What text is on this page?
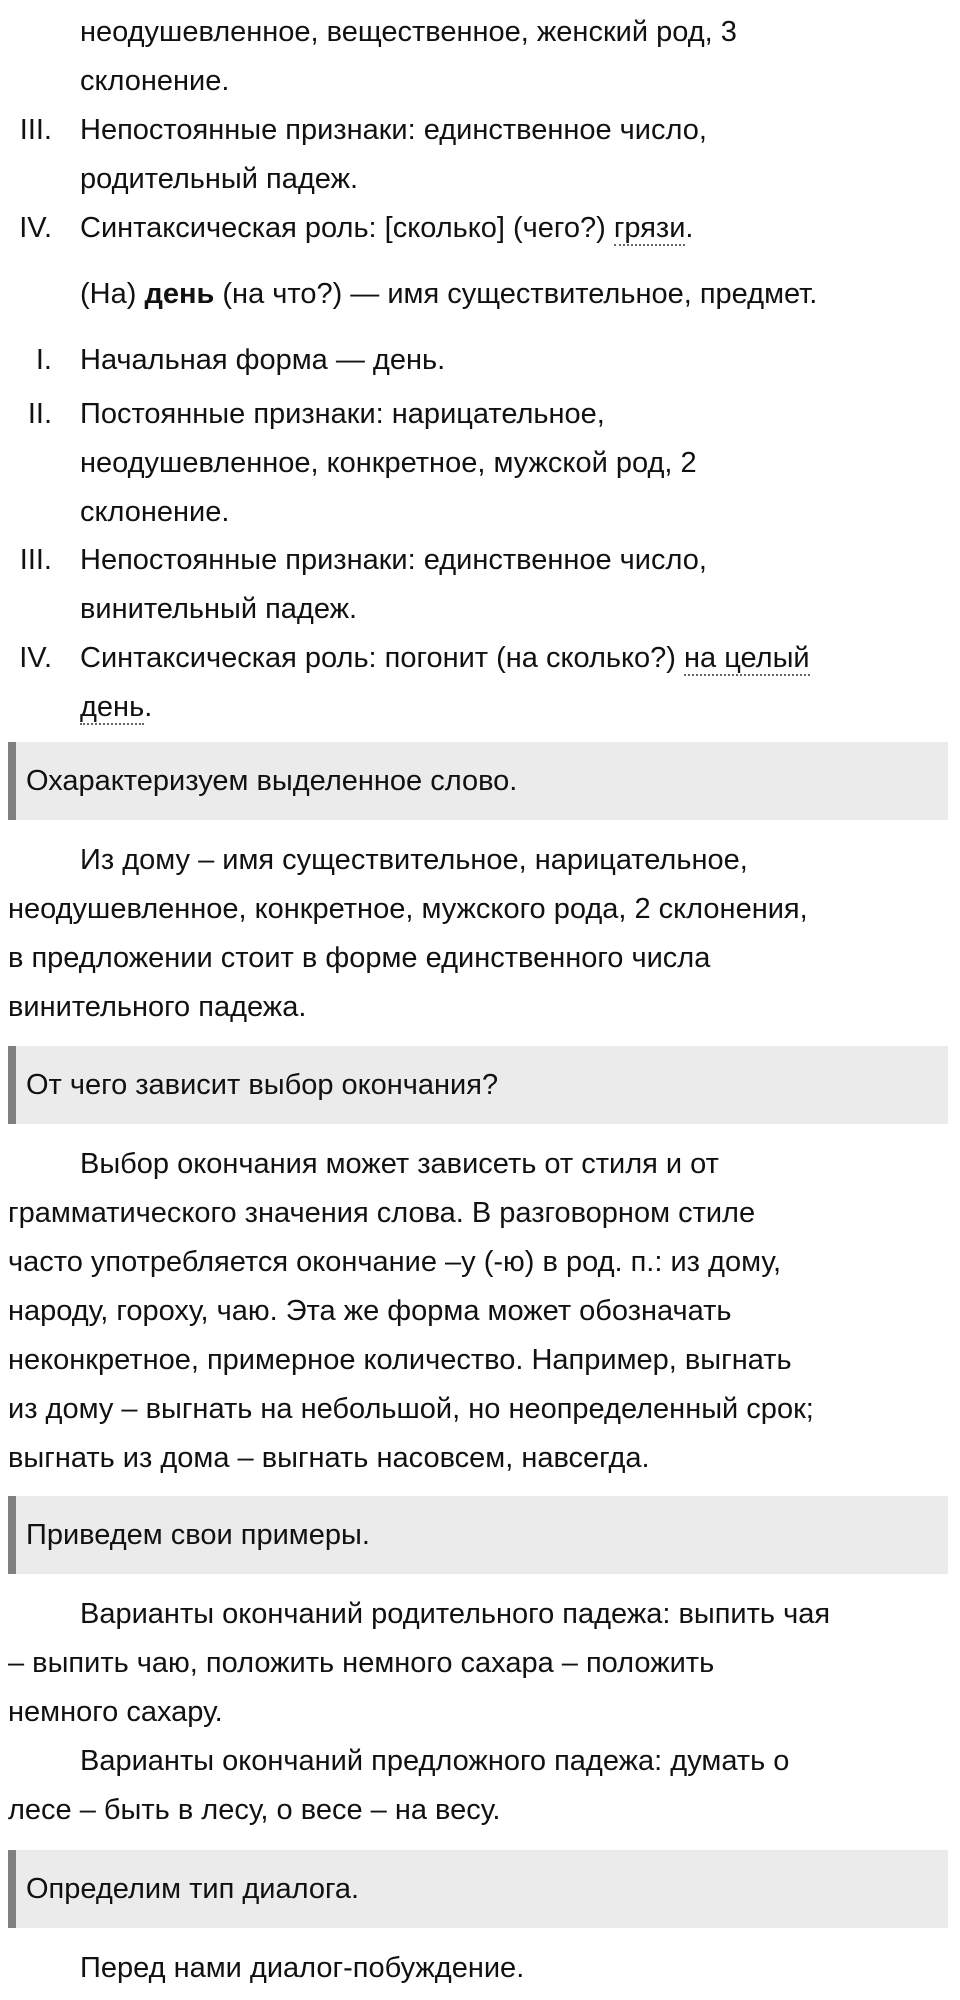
неодушевленное, вещественное, женский род, 3
склонение.
III. Непостоянные признаки: единственное число,
родительный падеж.
IV. Синтаксическая роль: [сколько] (чего?) грязи.
(На) день (на что?) — имя существительное, предмет.
I. Начальная форма — день.
II. Постоянные признаки: нарицательное,
неодушевленное, конкретное, мужской род, 2
склонение.
III. Непостоянные признаки: единственное число,
винительный падеж.
IV. Синтаксическая роль: погонит (на сколько?) на целый
день.
Охарактеризуем выделенное слово.
Из дому – имя существительное, нарицательное,
неодушевленное, конкретное, мужского рода, 2 склонения,
в предложении стоит в форме единственного числа
винительного падежа.
От чего зависит выбор окончания?
Выбор окончания может зависеть от стиля и от
грамматического значения слова. В разговорном стиле
часто употребляется окончание –у (-ю) в род. п.: из дому,
народу, гороху, чаю. Эта же форма может обозначать
неконкретное, примерное количество. Например, выгнать
из дому – выгнать на небольшой, но неопределенный срок;
выгнать из дома – выгнать насовсем, навсегда.
Приведем свои примеры.
Варианты окончаний родительного падежа: выпить чая
– выпить чаю, положить немного сахара – положить
немного сахару.
Варианты окончаний предложного падежа: думать о
лесе – быть в лесу, о весе – на весу.
Определим тип диалога.
Перед нами диалог-побуждение.
